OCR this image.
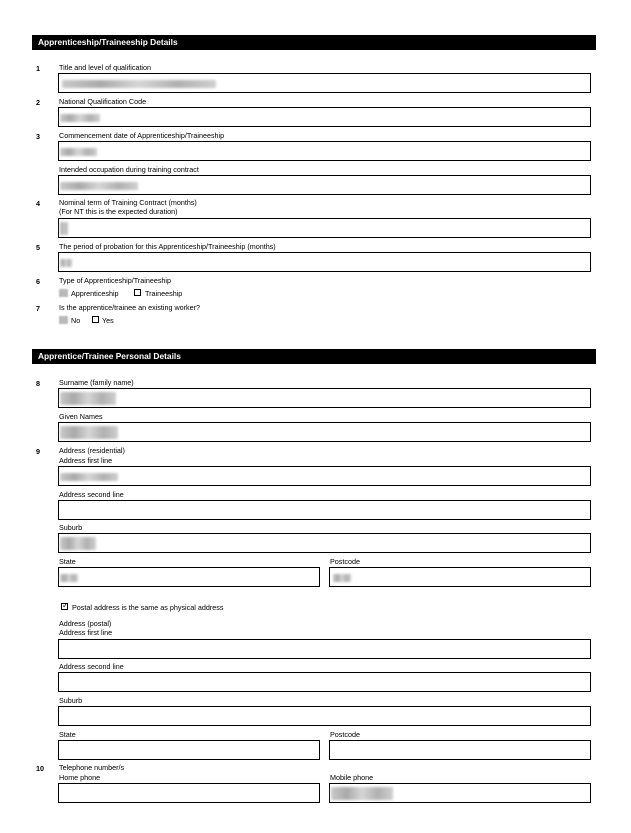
Apprenticeship/Traineeship Details
1	Title and level of qualification
2	National Qualification Code
3	Commencement date of Apprenticeship/Traineeship
Intended occupation during training contract
4	Nominal term of Training Contract (months)
(For NT this is the expected duration)
5	The period of probation for this Apprenticeship/Traineeship (months)
6	Type of Apprenticeship/Traineeship
Apprenticeship	Traineeship
7	Is the apprentice/trainee an existing worker?
No	Yes
Apprentice/Trainee Personal Details
8	Surname (family name)
Given Names
9	Address (residential)
Address first line
Address second line
Suburb
State	Postcode
✓
Postal address is the same as physical address
Address (postal)
Address first line
Address second line
Suburb
State	Postcode
10 Telephone number/s
Home phone	Mobile phone
